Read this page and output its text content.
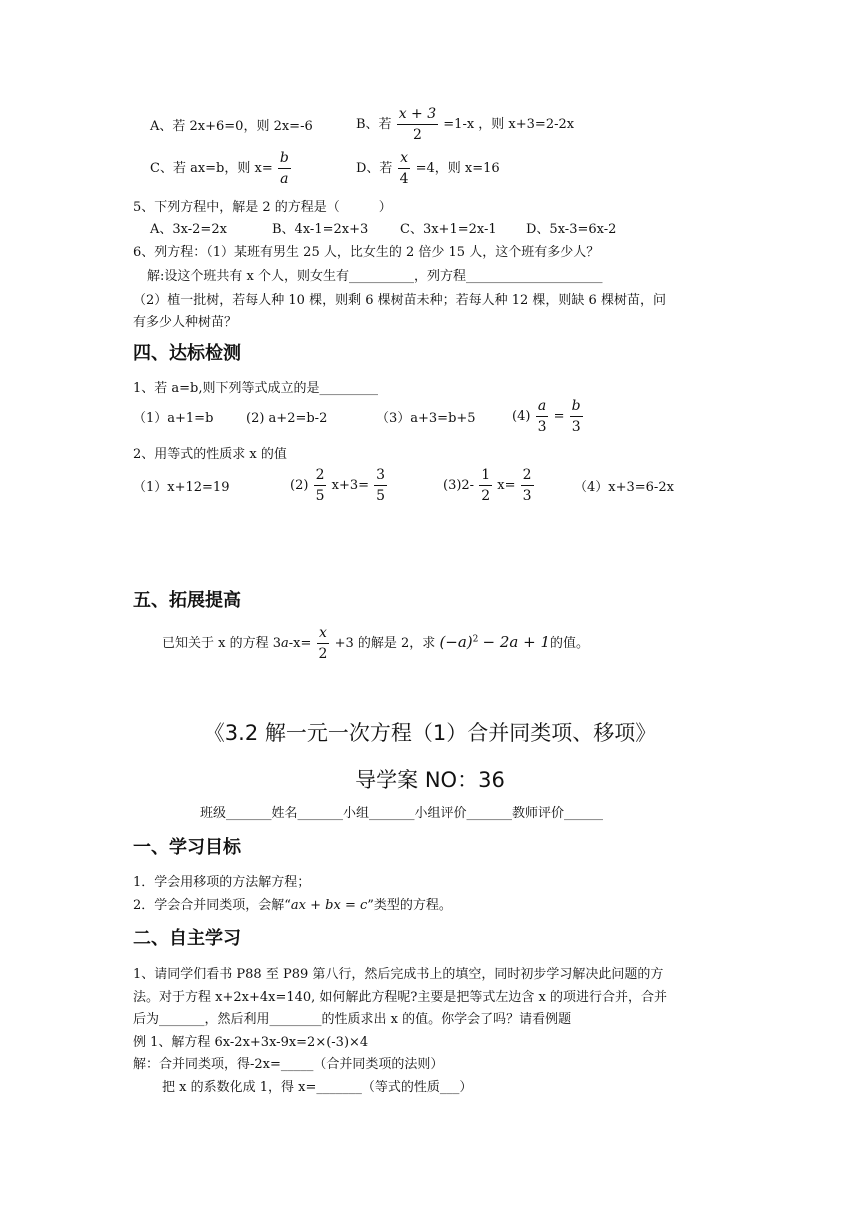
A、若 2x+6=0，则 2x=-6	B、若 $\frac{x + 3}{2} =1-x$ ，则 x+3=2-2x
C、若 ax=b，则 $x= \frac{b}{a}$	D、若 $\frac{x}{4} =4$，则 x=16
5、下列方程中，解是 2 的方程是（　　　）
A、3x-2=2x	B、4x-1=2x+3 C、3x+1=2x-1 D、5x-3=6x-2
6、列方程：（1）某班有男生 25 人，比女生的 2 倍少 15 人，这个班有多少人？
解:设这个班共有 x 个人，则女生有__________，列方程_____________________
（2）植一批树，若每人种 10 棵，则剩 6 棵树苗未种；若每人种 12 棵，则缺 6 棵树苗，问
有多少人种树苗？
四、达标检测
1、若 a=b,则下列等式成立的是_________
（1）a+1=b	(2) a+2=b-2	（3）a+3=b+5	$(4) \frac{a}{3} = \frac{b}{3}$
2、用等式的性质求 x 的值
（1）x+12=19	$(2) \frac{2}{5} x+3= \frac{3}{5}$	$(3)2- \frac{1}{2} x= \frac{2}{3}$	（4）x+3=6-2x
五、拓展提高
已知关于 x 的方程 $3a-x= \frac{x}{2} +3$ 的解是 2，求 $(-a)^2 - 2a + 1$的值。
《3.2 解一元一次方程（1）合并同类项、移项》
导学案 NO：36
班级_______姓名_______小组_______小组评价_______教师评价______
一、学习目标
1．学会用移项的方法解方程；
2．学会合并同类项，会解“ax + bx = c”类型的方程。
二、自主学习
1、请同学们看书 P88 至 P89 第八行，然后完成书上的填空，同时初步学习解决此问题的方
法。对于方程 x+2x+4x=140, 如何解此方程呢?主要是把等式左边含 x 的项进行合并，合并
后为_______，然后利用________的性质求出 x 的值。你学会了吗？请看例题
例 1、解方程 6x-2x+3x-9x=2×(-3)×4
解：合并同类项，得-2x=_____（合并同类项的法则）
把 x 的系数化成 1，得 x=_______（等式的性质___）
